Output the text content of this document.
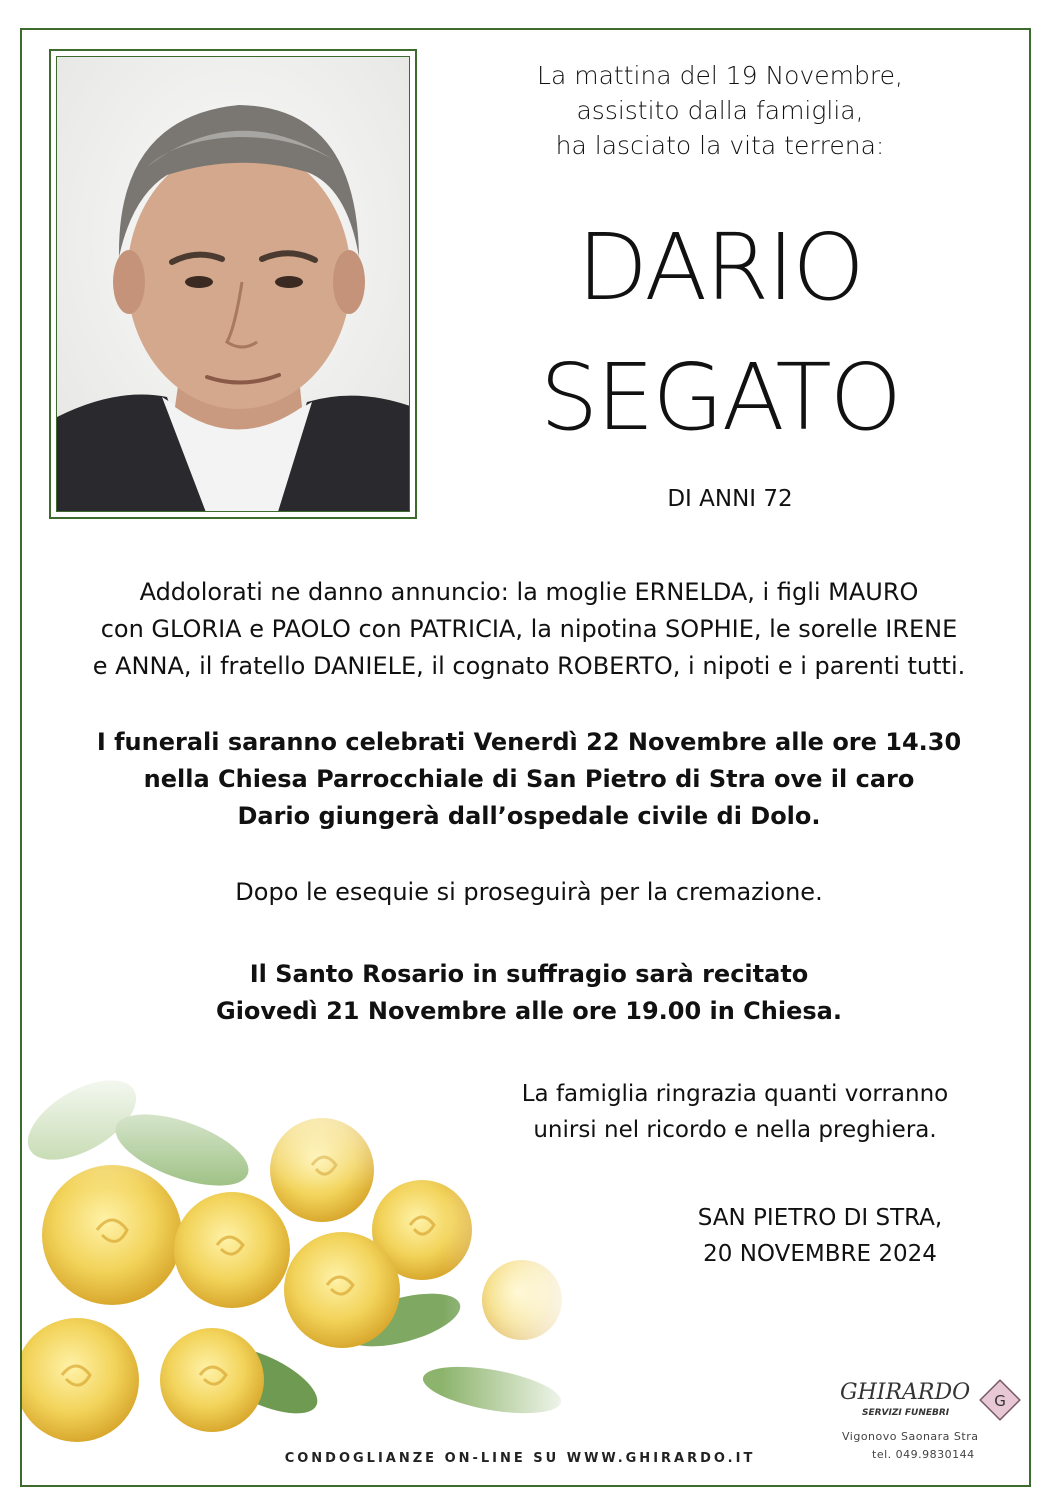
La mattina del 19 Novembre,
assistito dalla famiglia,
ha lasciato la vita terrena:
DARIO
SEGATO
DI ANNI 72
Addolorati ne danno annuncio: la moglie ERNELDA, i figli MAURO
con GLORIA e PAOLO con PATRICIA, la nipotina SOPHIE, le sorelle IRENE
e ANNA, il fratello DANIELE, il cognato ROBERTO, i nipoti e i parenti tutti.
I funerali saranno celebrati Venerdì 22 Novembre alle ore 14.30
nella Chiesa Parrocchiale di San Pietro di Stra ove il caro
Dario giungerà dall’ospedale civile di Dolo.
Dopo le esequie si proseguirà per la cremazione.
Il Santo Rosario in suffragio sarà recitato
Giovedì 21 Novembre alle ore 19.00 in Chiesa.
La famiglia ringrazia quanti vorranno
unirsi nel ricordo e nella preghiera.
SAN PIETRO DI STRA,
20 NOVEMBRE 2024
CONDOGLIANZE ON-LINE SU WWW.GHIRARDO.IT
GHIRARDO
SERVIZI FUNEBRI
G
Vigonovo Saonara Stra
tel. 049.9830144
